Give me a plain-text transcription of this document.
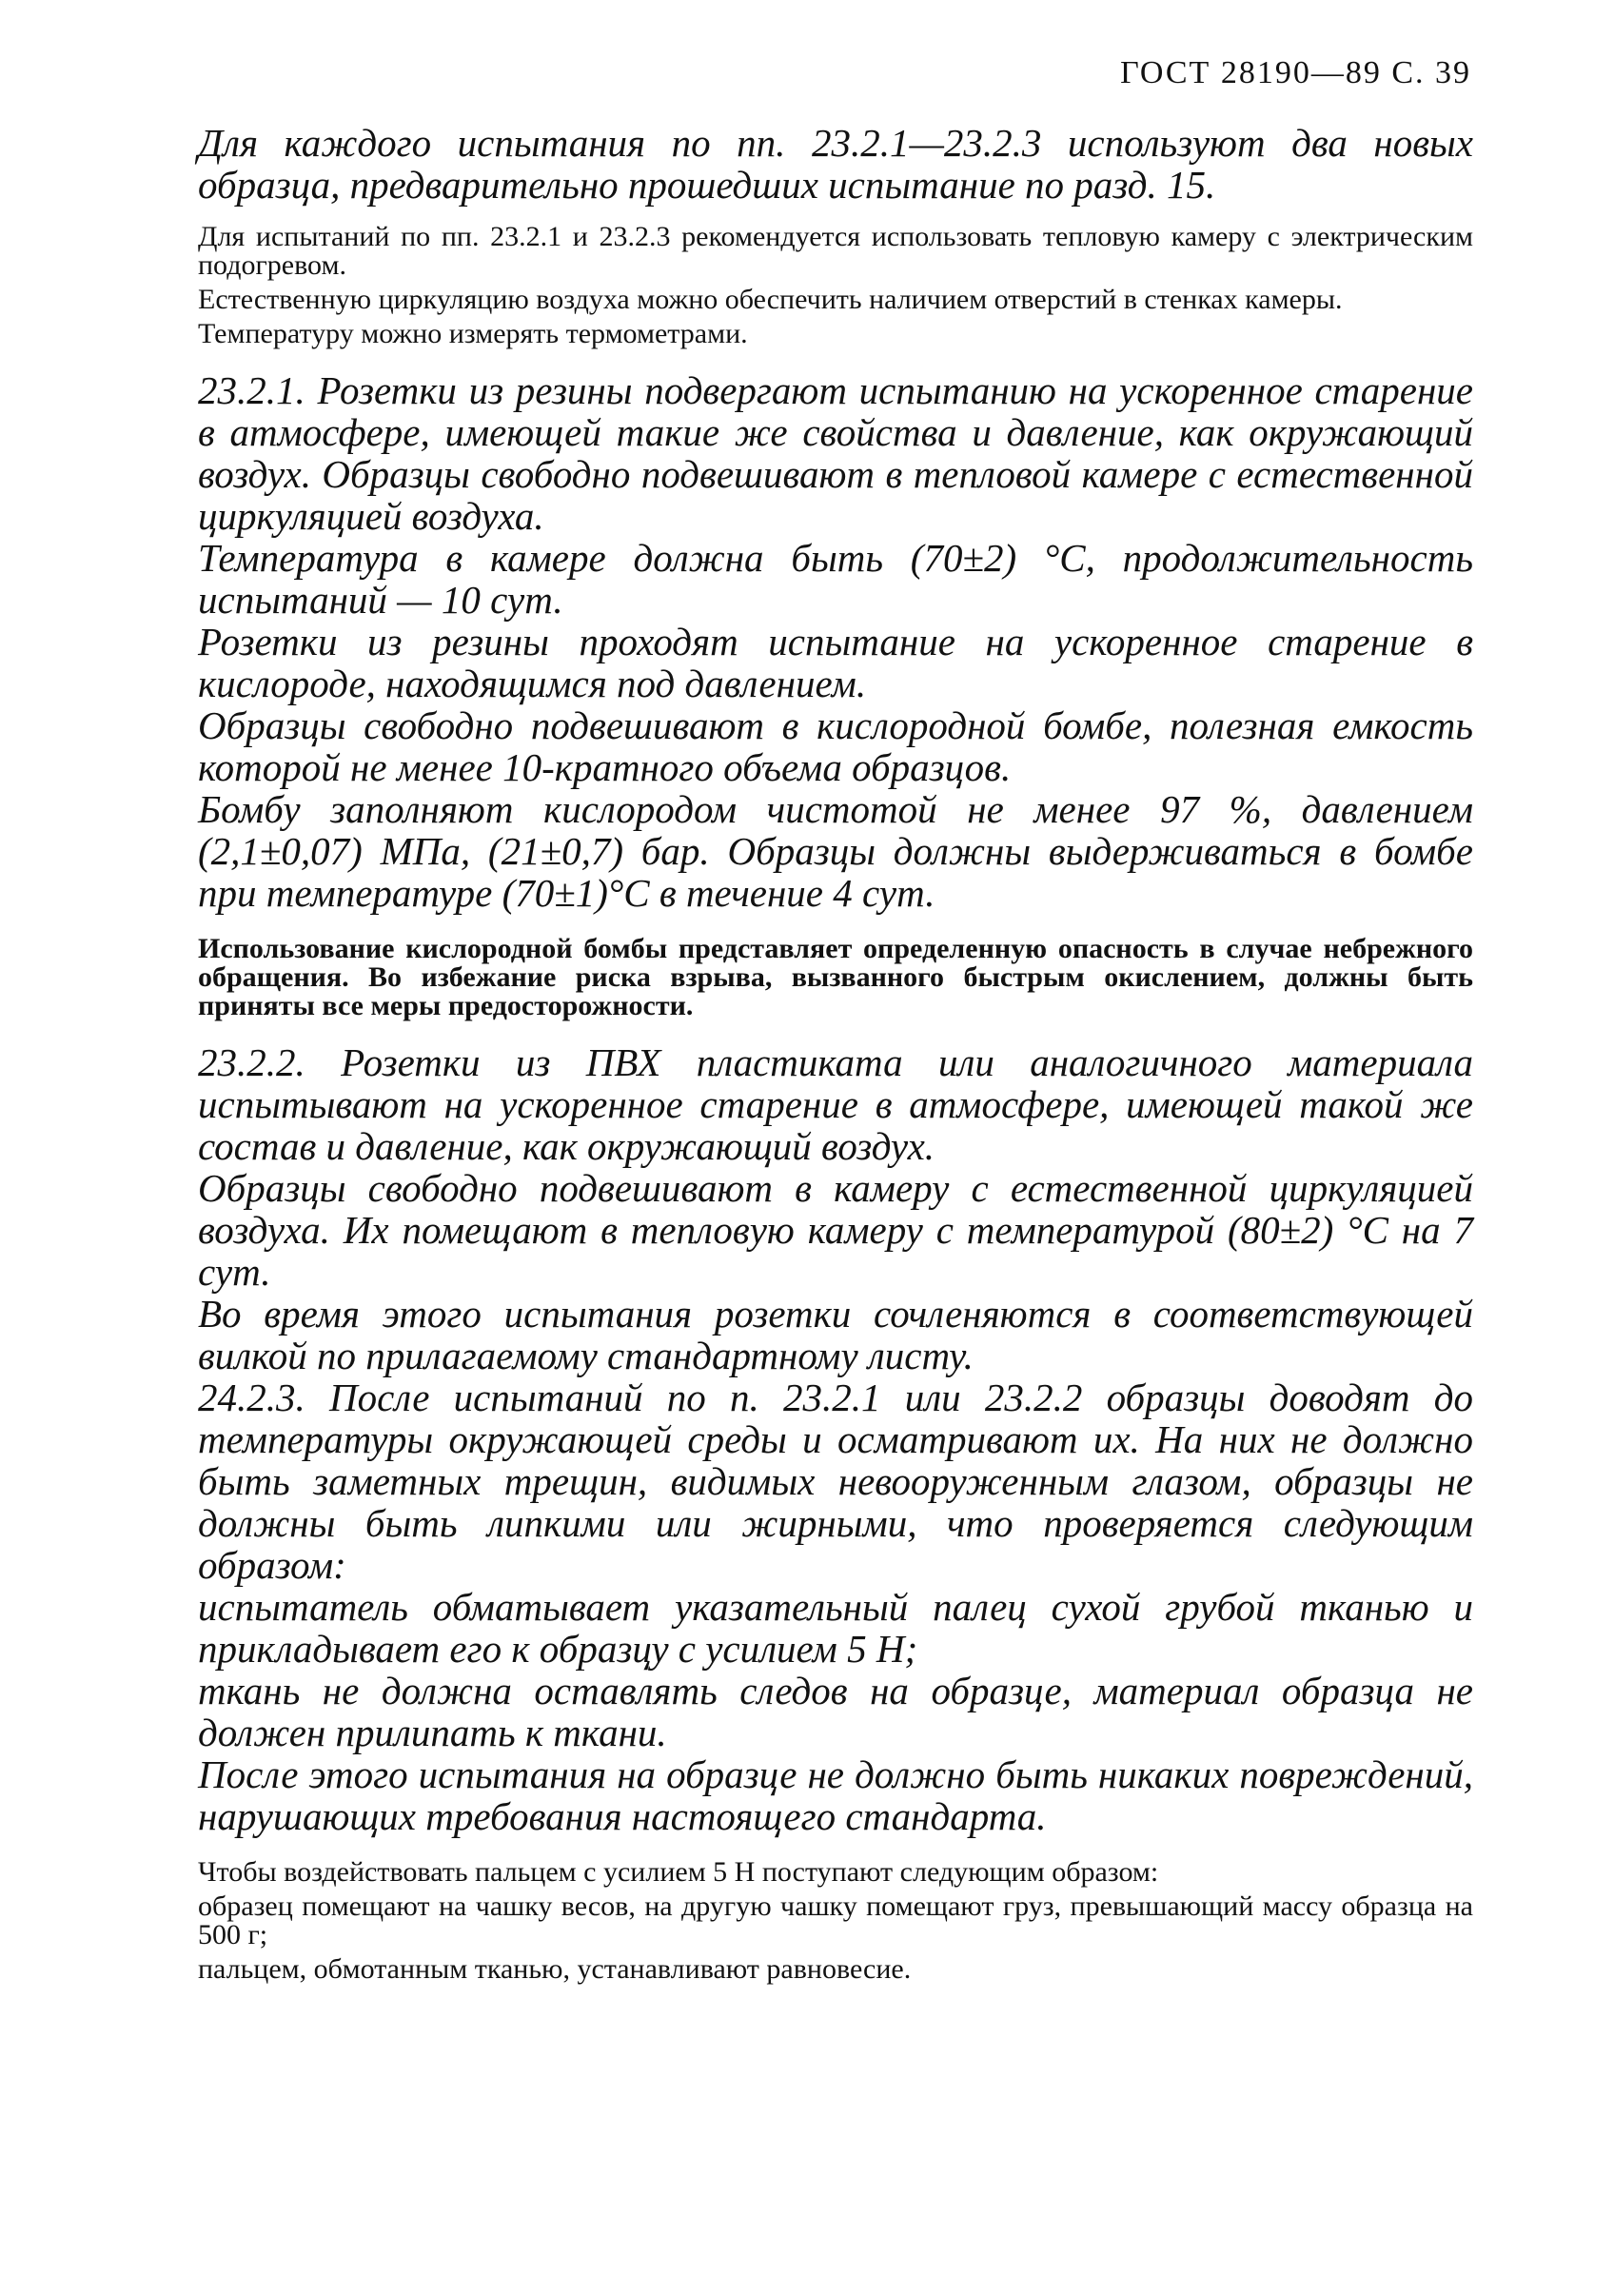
ГОСТ 28190—89 С. 39

Для каждого испытания по пп. 23.2.1—23.2.3 используют два новых образца, предварительно прошедших испытание по разд. 15.

Для испытаний по пп. 23.2.1 и 23.2.3 рекомендуется использовать тепловую камеру с электрическим подогревом.

Естественную циркуляцию воздуха можно обеспечить наличием отверстий в стенках камеры.

Температуру можно измерять термометрами.

23.2.1. Розетки из резины подвергают испытанию на ускоренное старение в атмосфере, имеющей такие же свойства и давление, как окружающий воздух. Образцы свободно подвешивают в тепловой камере с естественной циркуляцией воздуха.

Температура в камере должна быть (70±2) °С, продолжительность испытаний — 10 сут.

Розетки из резины проходят испытание на ускоренное старение в кислороде, находящимся под давлением.

Образцы свободно подвешивают в кислородной бомбе, полезная емкость которой не менее 10-кратного объема образцов.

Бомбу заполняют кислородом чистотой не менее 97 %, давлением (2,1±0,07) МПа, (21±0,7) бар. Образцы должны выдерживаться в бомбе при температуре (70±1)°С в течение 4 сут.

Использование кислородной бомбы представляет определенную опасность в случае небрежного обращения. Во избежание риска взрыва, вызванного быстрым окислением, должны быть приняты все меры предосторожности.

23.2.2. Розетки из ПВХ пластиката или аналогичного материала испытывают на ускоренное старение в атмосфере, имеющей такой же состав и давление, как окружающий воздух.

Образцы свободно подвешивают в камеру с естественной циркуляцией воздуха. Их помещают в тепловую камеру с температурой (80±2) °С на 7 сут.

Во время этого испытания розетки сочленяются в соответствующей вилкой по прилагаемому стандартному листу.

24.2.3. После испытаний по п. 23.2.1 или 23.2.2 образцы доводят до температуры окружающей среды и осматривают их. На них не должно быть заметных трещин, видимых невооруженным глазом, образцы не должны быть липкими или жирными, что проверяется следующим образом:

испытатель обматывает указательный палец сухой грубой тканью и прикладывает его к образцу с усилием 5 Н;

ткань не должна оставлять следов на образце, материал образца не должен прилипать к ткани.

После этого испытания на образце не должно быть никаких повреждений, нарушающих требования настоящего стандарта.

Чтобы воздействовать пальцем с усилием 5 Н поступают следующим образом:

образец помещают на чашку весов, на другую чашку помещают груз, превышающий массу образца на 500 г;

пальцем, обмотанным тканью, устанавливают равновесие.
